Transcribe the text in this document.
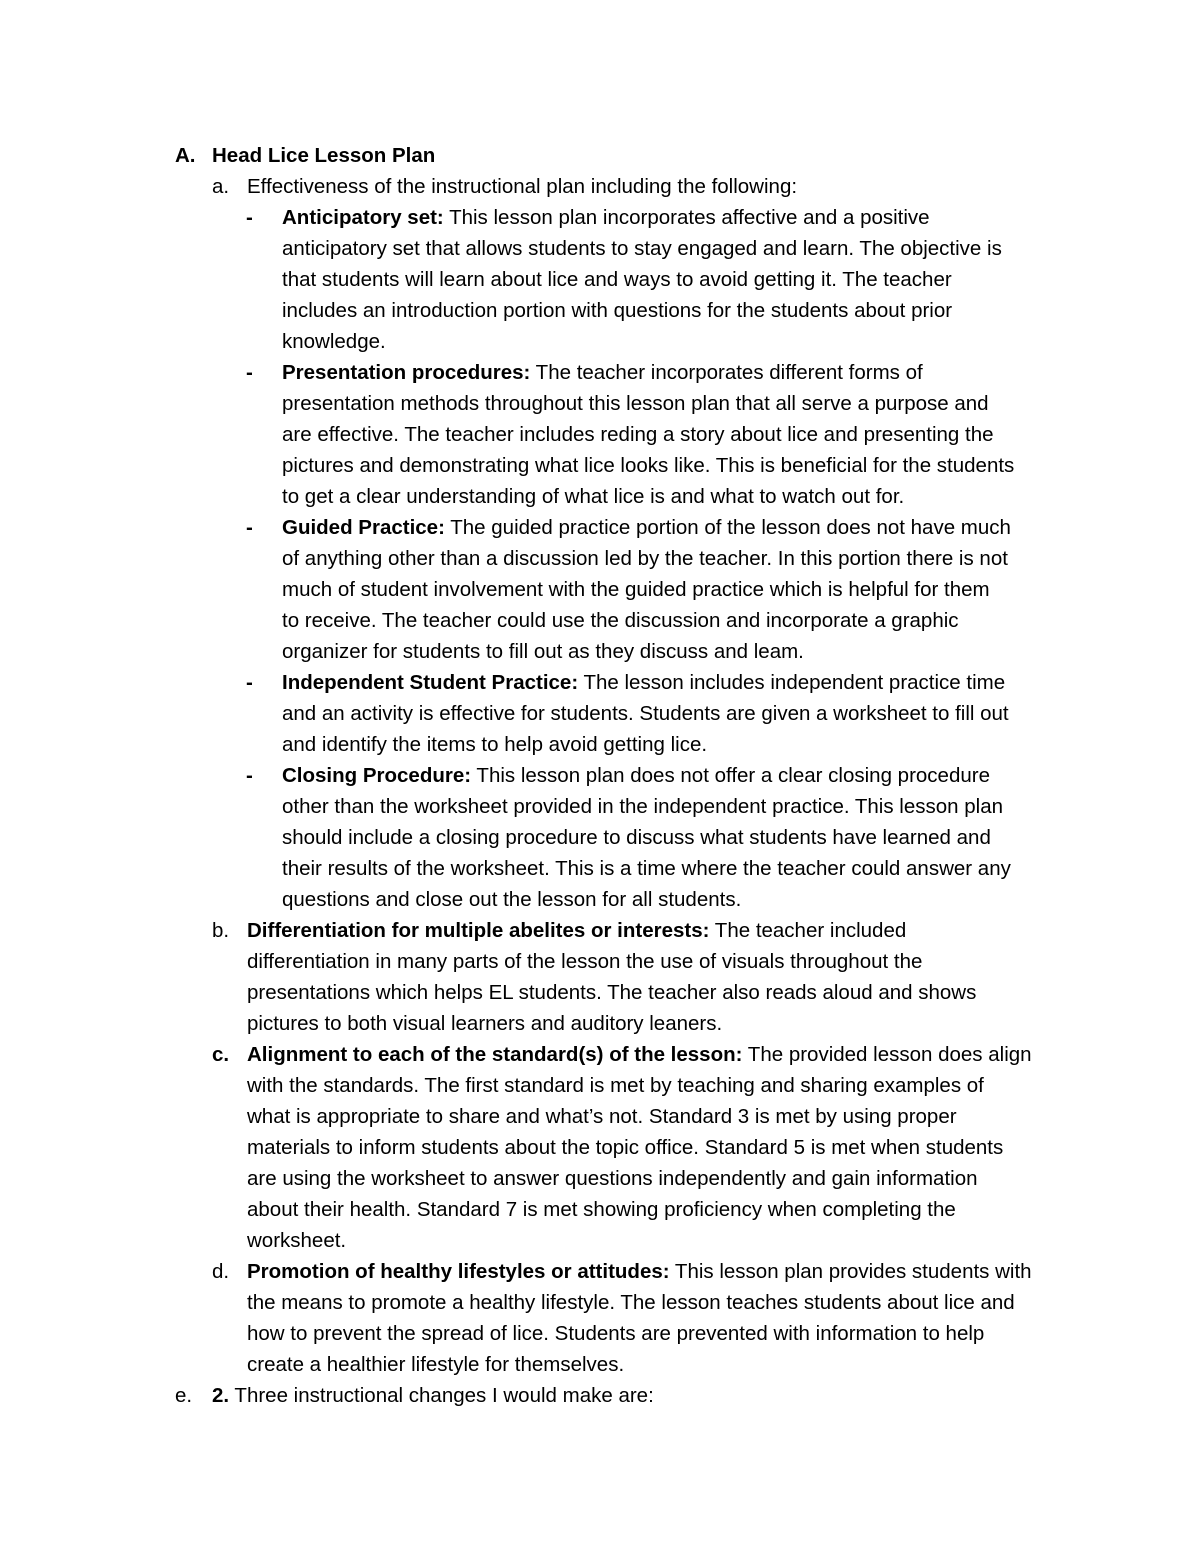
A. Head Lice Lesson Plan
a. Effectiveness of the instructional plan including the following:
- Anticipatory set: This lesson plan incorporates affective and a positive
anticipatory set that allows students to stay engaged and learn. The objective is
that students will learn about lice and ways to avoid getting it. The teacher
includes an introduction portion with questions for the students about prior
knowledge.
- Presentation procedures: The teacher incorporates different forms of
presentation methods throughout this lesson plan that all serve a purpose and
are effective. The teacher includes reding a story about lice and presenting the
pictures and demonstrating what lice looks like. This is beneficial for the students
to get a clear understanding of what lice is and what to watch out for.
- Guided Practice: The guided practice portion of the lesson does not have much
of anything other than a discussion led by the teacher. In this portion there is not
much of student involvement with the guided practice which is helpful for them
to receive. The teacher could use the discussion and incorporate a graphic
organizer for students to fill out as they discuss and leam.
- Independent Student Practice: The lesson includes independent practice time
and an activity is effective for students. Students are given a worksheet to fill out
and identify the items to help avoid getting lice.
- Closing Procedure: This lesson plan does not offer a clear closing procedure
other than the worksheet provided in the independent practice. This lesson plan
should include a closing procedure to discuss what students have learned and
their results of the worksheet. This is a time where the teacher could answer any
questions and close out the lesson for all students.
b. Differentiation for multiple abelites or interests: The teacher included
differentiation in many parts of the lesson the use of visuals throughout the
presentations which helps EL students. The teacher also reads aloud and shows
pictures to both visual learners and auditory leaners.
c. Alignment to each of the standard(s) of the lesson: The provided lesson does align
with the standards. The first standard is met by teaching and sharing examples of
what is appropriate to share and what’s not. Standard 3 is met by using proper
materials to inform students about the topic office. Standard 5 is met when students
are using the worksheet to answer questions independently and gain information
about their health. Standard 7 is met showing proficiency when completing the
worksheet.
d. Promotion of healthy lifestyles or attitudes: This lesson plan provides students with
the means to promote a healthy lifestyle. The lesson teaches students about lice and
how to prevent the spread of lice. Students are prevented with information to help
create a healthier lifestyle for themselves.
e. 2. Three instructional changes I would make are:
